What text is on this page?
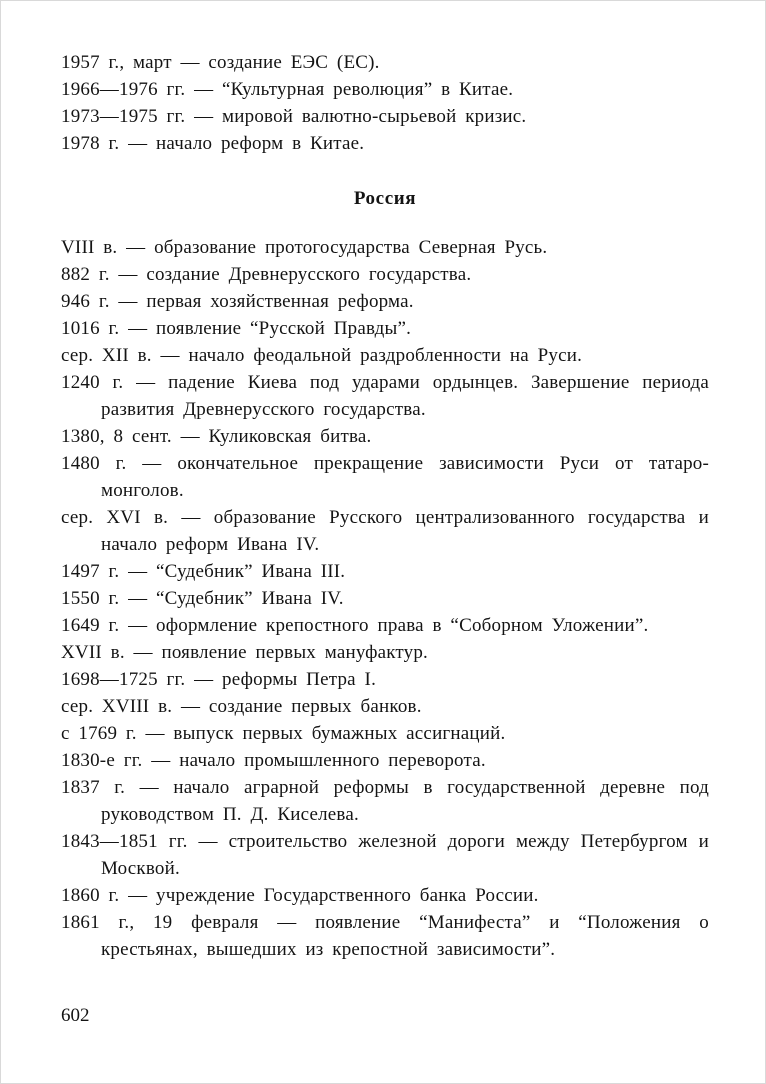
1957 г., март — создание ЕЭС (ЕС).

1966—1976 гг. — “Культурная революция” в Китае.

1973—1975 гг. — мировой валютно-сырьевой кризис.

1978 г. — начало реформ в Китае.

Россия

VIII в. — образование протогосударства Северная Русь.

882 г. — создание Древнерусского государства.

946 г. — первая хозяйственная реформа.

1016 г. — появление “Русской Правды”.

сер. XII в. — начало феодальной раздробленности на Руси.

1240 г. — падение Киева под ударами ордынцев. Завершение периода развития Древнерусского государства.

1380, 8 сент. — Куликовская битва.

1480 г. — окончательное прекращение зависимости Руси от татаро-монголов.

сер. XVI в. — образование Русского централизованного государства и начало реформ Ивана IV.

1497 г. — “Судебник” Ивана III.

1550 г. — “Судебник” Ивана IV.

1649 г. — оформление крепостного права в “Соборном Уложении”.

XVII в. — появление первых мануфактур.

1698—1725 гг. — реформы Петра I.

сер. XVIII в. — создание первых банков.

с 1769 г. — выпуск первых бумажных ассигнаций.

1830-е гг. — начало промышленного переворота.

1837 г. — начало аграрной реформы в государственной деревне под руководством П. Д. Киселева.

1843—1851 гг. — строительство железной дороги между Петербургом и Москвой.

1860 г. — учреждение Государственного банка России.

1861 г., 19 февраля — появление “Манифеста” и “Положения о крестьянах, вышедших из крепостной зависимости”.

602
